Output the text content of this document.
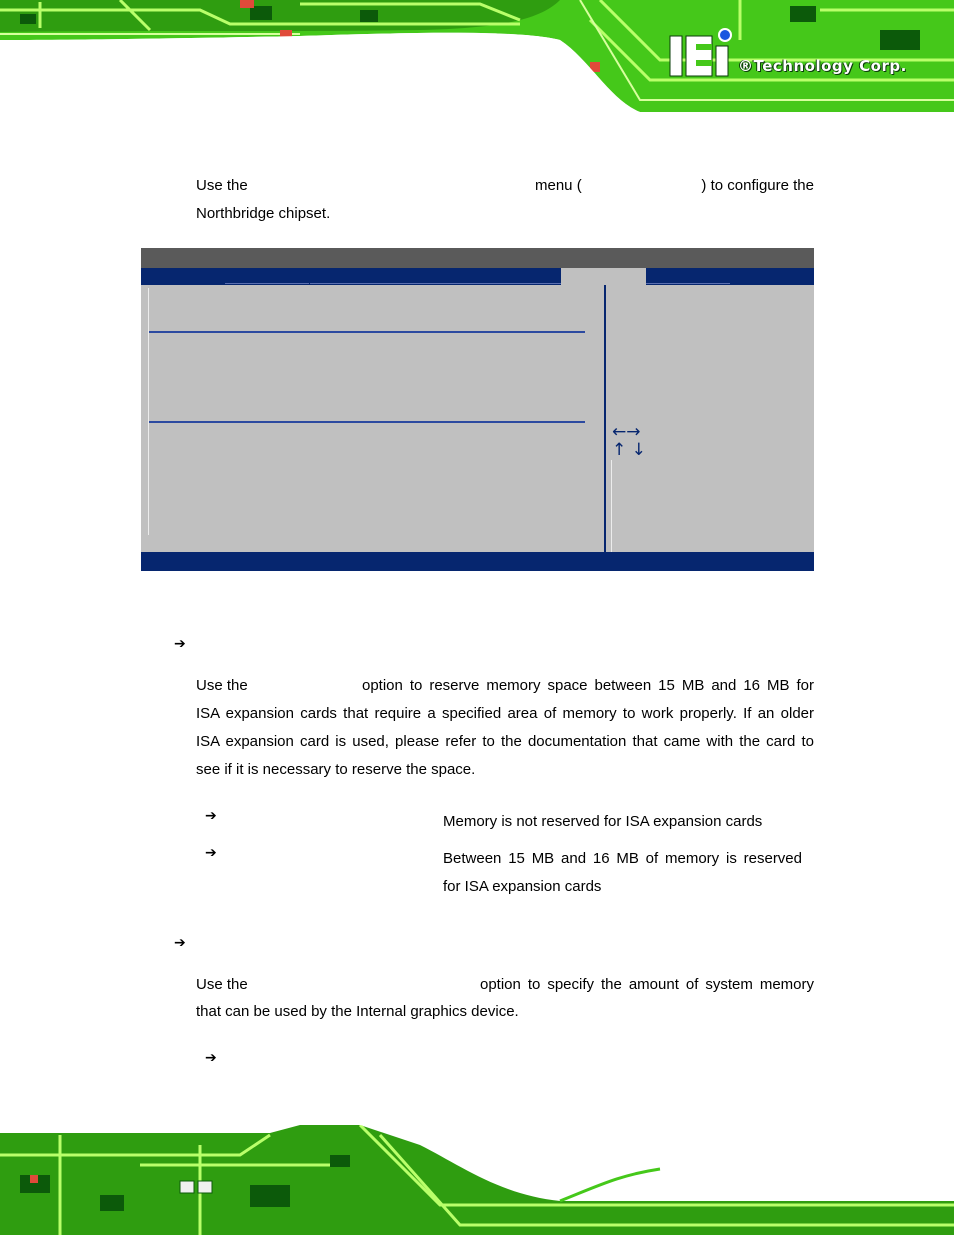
®Technology Corp.
Use the	menu (	) to configure the
Northbridge chipset.
←→
↑ ↓
➔
Use the	option to reserve memory space between 15 MB and 16 MB for
ISA expansion cards that require a specified area of memory to work properly. If an older
ISA expansion card is used, please refer to the documentation that came with the card to
see if it is necessary to reserve the space.
➔	Memory is not reserved for ISA expansion cards
➔	Between 15 MB and 16 MB of memory is reserved
for ISA expansion cards
➔
Use the	option to specify the amount of system memory
that can be used by the Internal graphics device.
➔
